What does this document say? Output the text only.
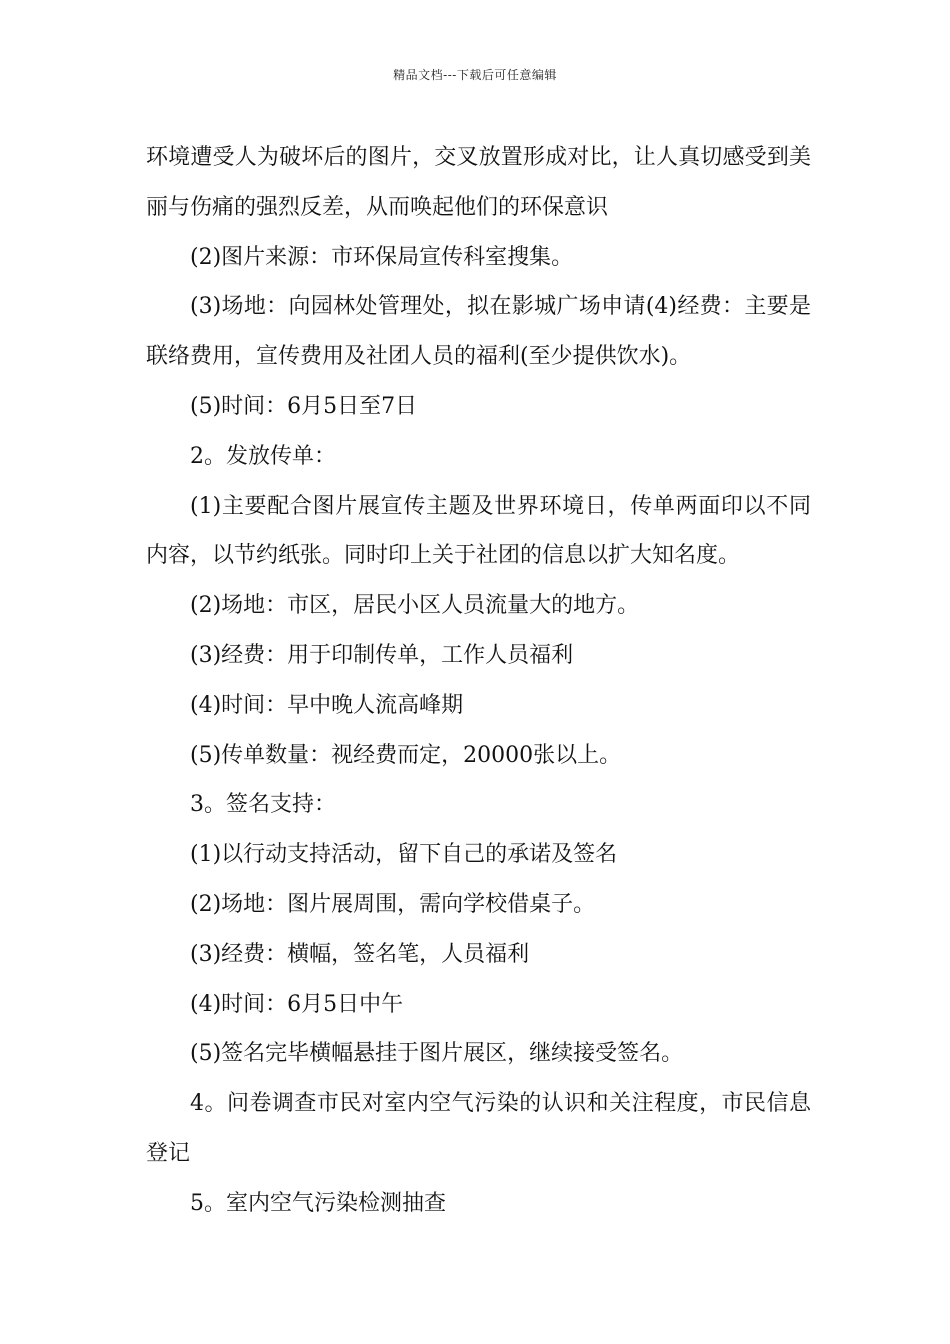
精品文档---下载后可任意编辑

环境遭受人为破坏后的图片，交叉放置形成对比，让人真切感受到美丽与伤痛的强烈反差，从而唤起他们的环保意识

(2)图片来源：市环保局宣传科室搜集。

(3)场地：向园林处管理处，拟在影城广场申请(4)经费：主要是联络费用，宣传费用及社团人员的福利(至少提供饮水)。

(5)时间：6月5日至7日

2。发放传单：

(1)主要配合图片展宣传主题及世界环境日，传单两面印以不同内容，以节约纸张。同时印上关于社团的信息以扩大知名度。

(2)场地：市区，居民小区人员流量大的地方。

(3)经费：用于印制传单，工作人员福利

(4)时间：早中晚人流高峰期

(5)传单数量：视经费而定，20000张以上。

3。签名支持：

(1)以行动支持活动，留下自己的承诺及签名

(2)场地：图片展周围，需向学校借桌子。

(3)经费：横幅，签名笔，人员福利

(4)时间：6月5日中午

(5)签名完毕横幅悬挂于图片展区，继续接受签名。

4。问卷调查市民对室内空气污染的认识和关注程度，市民信息登记

5。室内空气污染检测抽查
